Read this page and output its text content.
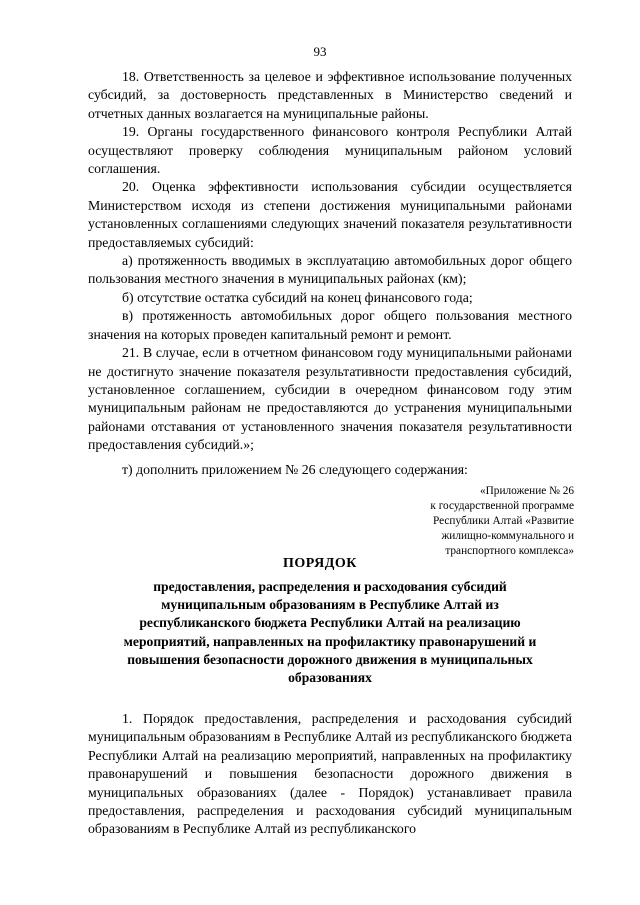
93

18. Ответственность за целевое и эффективное использование полученных субсидий, за достоверность представленных в Министерство сведений и отчетных данных возлагается на муниципальные районы.

19. Органы государственного финансового контроля Республики Алтай осуществляют проверку соблюдения муниципальным районом условий соглашения.

20. Оценка эффективности использования субсидии осуществляется Министерством исходя из степени достижения муниципальными районами установленных соглашениями следующих значений показателя результативности предоставляемых субсидий:

а) протяженность вводимых в эксплуатацию автомобильных дорог общего пользования местного значения в муниципальных районах (км);

б) отсутствие остатка субсидий на конец финансового года;

в) протяженность автомобильных дорог общего пользования местного значения на которых проведен капитальный ремонт и ремонт.

21. В случае, если в отчетном финансовом году муниципальными районами не достигнуто значение показателя результативности предоставления субсидий, установленное соглашением, субсидии в очередном финансовом году этим муниципальным районам не предоставляются до устранения муниципальными районами отставания от установленного значения показателя результативности предоставления субсидий.»;

т) дополнить приложением № 26 следующего содержания:

«Приложение № 26
к государственной программе
Республики Алтай «Развитие
жилищно-коммунального и
транспортного комплекса»
ПОРЯДОК
предоставления, распределения и расходования субсидий муниципальным образованиям в Республике Алтай из республиканского бюджета Республики Алтай на реализацию мероприятий, направленных на профилактику правонарушений и повышения безопасности дорожного движения в муниципальных образованиях

1. Порядок предоставления, распределения и расходования субсидий муниципальным образованиям в Республике Алтай из республиканского бюджета Республики Алтай на реализацию мероприятий, направленных на профилактику правонарушений и повышения безопасности дорожного движения в муниципальных образованиях (далее - Порядок) устанавливает правила предоставления, распределения и расходования субсидий муниципальным образованиям в Республике Алтай из республиканского
